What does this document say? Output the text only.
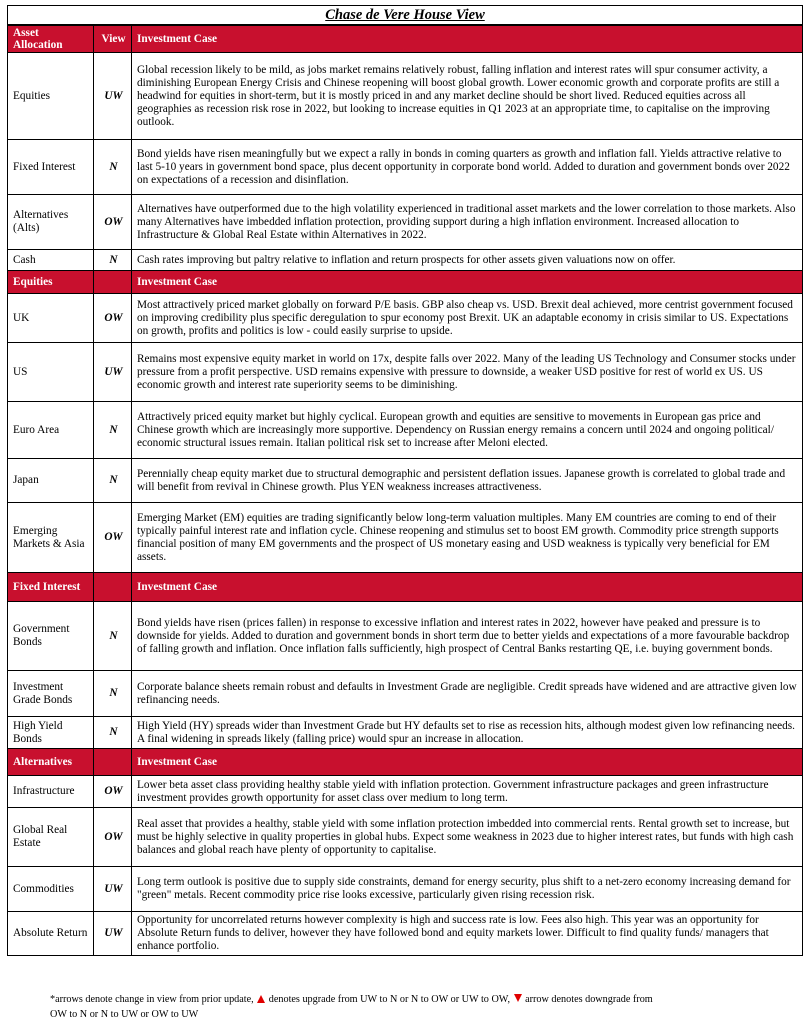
Chase de Vere House View
Asset Allocation	View	Investment Case
Equities	UW	Global recession likely to be mild, as jobs market remains relatively robust, falling inflation and interest rates will spur consumer activity, a diminishing European Energy Crisis and Chinese reopening will boost global growth. Lower economic growth and corporate profits are still a headwind for equities in short-term, but it is mostly priced in and any market decline should be short lived. Reduced equities across all geographies as recession risk rose in 2022, but looking to increase equities in Q1 2023 at an appropriate time, to capitalise on the improving outlook.
Fixed Interest	N	Bond yields have risen meaningfully but we expect a rally in bonds in coming quarters as growth and inflation fall. Yields attractive relative to last 5-10 years in government bond space, plus decent opportunity in corporate bond world. Added to duration and government bonds over 2022 on expectations of a recession and disinflation.
Alternatives (Alts)	OW	Alternatives have outperformed due to the high volatility experienced in traditional asset markets and the lower correlation to those markets. Also many Alternatives have imbedded inflation protection, providing support during a high inflation environment. Increased allocation to Infrastructure & Global Real Estate within Alternatives in 2022.
Cash	N	Cash rates improving but paltry relative to inflation and return prospects for other assets given valuations now on offer.
Equities		Investment Case
UK	OW	Most attractively priced market globally on forward P/E basis. GBP also cheap vs. USD. Brexit deal achieved, more centrist government focused on improving credibility plus specific deregulation to spur economy post Brexit. UK an adaptable economy in crisis similar to US. Expectations on growth, profits and politics is low - could easily surprise to upside.
US	UW	Remains most expensive equity market in world on 17x, despite falls over 2022. Many of the leading US Technology and Consumer stocks under pressure from a profit perspective. USD remains expensive with pressure to downside, a weaker USD positive for rest of world ex US. US economic growth and interest rate superiority seems to be diminishing.
Euro Area	N	Attractively priced equity market but highly cyclical. European growth and equities are sensitive to movements in European gas price and Chinese growth which are increasingly more supportive. Dependency on Russian energy remains a concern until 2024 and ongoing political/ economic structural issues remain. Italian political risk set to increase after Meloni elected.
Japan	N	Perennially cheap equity market due to structural demographic and persistent deflation issues. Japanese growth is correlated to global trade and will benefit from revival in Chinese growth. Plus YEN weakness increases attractiveness.
Emerging Markets & Asia	OW	Emerging Market (EM) equities are trading significantly below long-term valuation multiples. Many EM countries are coming to end of their typically painful interest rate and inflation cycle. Chinese reopening and stimulus set to boost EM growth. Commodity price strength supports financial position of many EM governments and the prospect of US monetary easing and USD weakness is typically very beneficial for EM assets.
Fixed Interest		Investment Case
Government Bonds	N	Bond yields have risen (prices fallen) in response to excessive inflation and interest rates in 2022, however have peaked and pressure is to downside for yields. Added to duration and government bonds in short term due to better yields and expectations of a more favourable backdrop of falling growth and inflation. Once inflation falls sufficiently, high prospect of Central Banks restarting QE, i.e. buying government bonds.
Investment Grade Bonds	N	Corporate balance sheets remain robust and defaults in Investment Grade are negligible. Credit spreads have widened and are attractive given low refinancing needs.
High Yield Bonds	N	High Yield (HY) spreads wider than Investment Grade but HY defaults set to rise as recession hits, although modest given low refinancing needs. A final widening in spreads likely (falling price) would spur an increase in allocation.
Alternatives		Investment Case
Infrastructure	OW	Lower beta asset class providing healthy stable yield with inflation protection. Government infrastructure packages and green infrastructure investment provides growth opportunity for asset class over medium to long term.
Global Real Estate	OW	Real asset that provides a healthy, stable yield with some inflation protection imbedded into commercial rents. Rental growth set to increase, but must be highly selective in quality properties in global hubs. Expect some weakness in 2023 due to higher interest rates, but funds with high cash balances and global reach have plenty of opportunity to capitalise.
Commodities	UW	Long term outlook is positive due to supply side constraints, demand for energy security, plus shift to a net-zero economy increasing demand for "green" metals. Recent commodity price rise looks excessive, particularly given rising recession risk.
Absolute Return	UW	Opportunity for uncorrelated returns however complexity is high and success rate is low. Fees also high. This year was an opportunity for Absolute Return funds to deliver, however they have followed bond and equity markets lower. Difficult to find quality funds/ managers that enhance portfolio.
*arrows denote change in view from prior update, denotes upgrade from UW to N or N to OW or UW to OW, arrow denotes downgrade from
OW to N or N to UW or OW to UW
